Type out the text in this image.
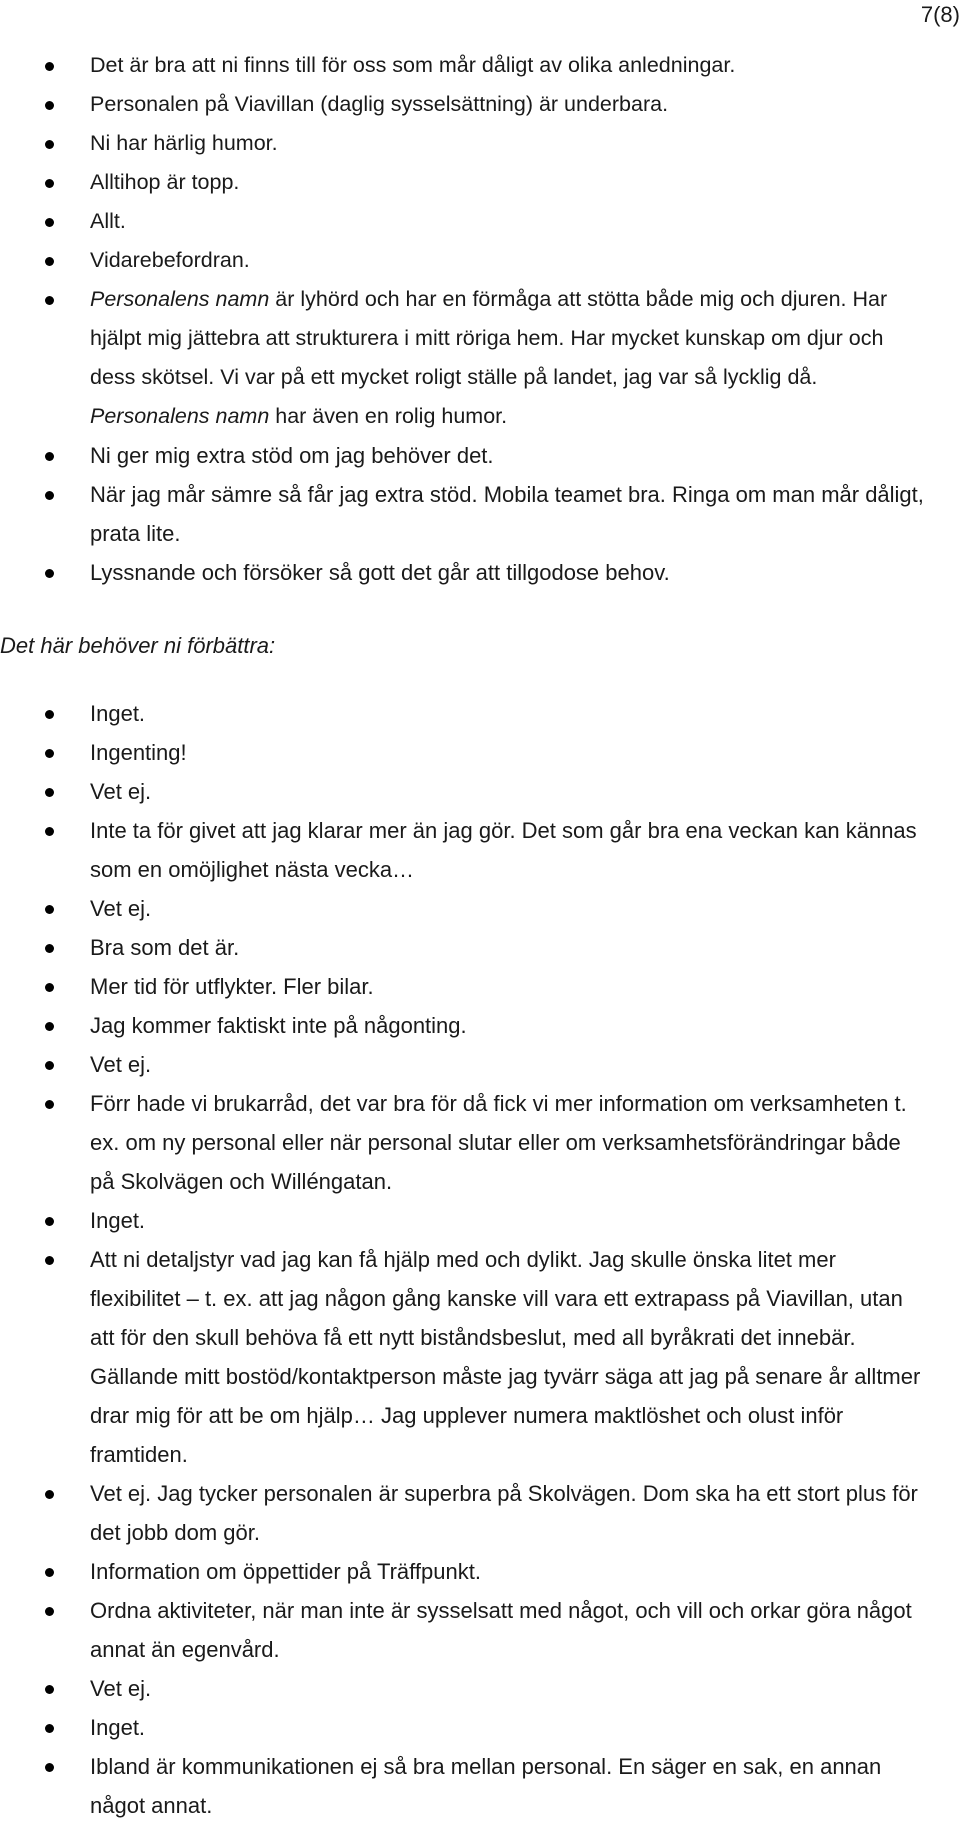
7(8)
Det är bra att ni finns till för oss som mår dåligt av olika anledningar.
Personalen på Viavillan (daglig sysselsättning) är underbara.
Ni har härlig humor.
Alltihop är topp.
Allt.
Vidarebefordran.
Personalens namn är lyhörd och har en förmåga att stötta både mig och djuren. Har hjälpt mig jättebra att strukturera i mitt röriga hem. Har mycket kunskap om djur och dess skötsel. Vi var på ett mycket roligt ställe på landet, jag var så lycklig då. Personalens namn har även en rolig humor.
Ni ger mig extra stöd om jag behöver det.
När jag mår sämre så får jag extra stöd. Mobila teamet bra. Ringa om man mår dåligt, prata lite.
Lyssnande och försöker så gott det går att tillgodose behov.
Det här behöver ni förbättra:
Inget.
Ingenting!
Vet ej.
Inte ta för givet att jag klarar mer än jag gör. Det som går bra ena veckan kan kännas som en omöjlighet nästa vecka…
Vet ej.
Bra som det är.
Mer tid för utflykter. Fler bilar.
Jag kommer faktiskt inte på någonting.
Vet ej.
Förr hade vi brukarråd, det var bra för då fick vi mer information om verksamheten t. ex. om ny personal eller när personal slutar eller om verksamhetsförändringar både på Skolvägen och Willéngatan.
Inget.
Att ni detaljstyr vad jag kan få hjälp med och dylikt. Jag skulle önska litet mer flexibilitet – t. ex. att jag någon gång kanske vill vara ett extrapass på Viavillan, utan att för den skull behöva få ett nytt biståndsbeslut, med all byråkrati det innebär. Gällande mitt bostöd/kontaktperson måste jag tyvärr säga att jag på senare år alltmer drar mig för att be om hjälp… Jag upplever numera maktlöshet och olust inför framtiden.
Vet ej. Jag tycker personalen är superbra på Skolvägen. Dom ska ha ett stort plus för det jobb dom gör.
Information om öppettider på Träffpunkt.
Ordna aktiviteter, när man inte är sysselsatt med något, och vill och orkar göra något annat än egenvård.
Vet ej.
Inget.
Ibland är kommunikationen ej så bra mellan personal. En säger en sak, en annan något annat.
